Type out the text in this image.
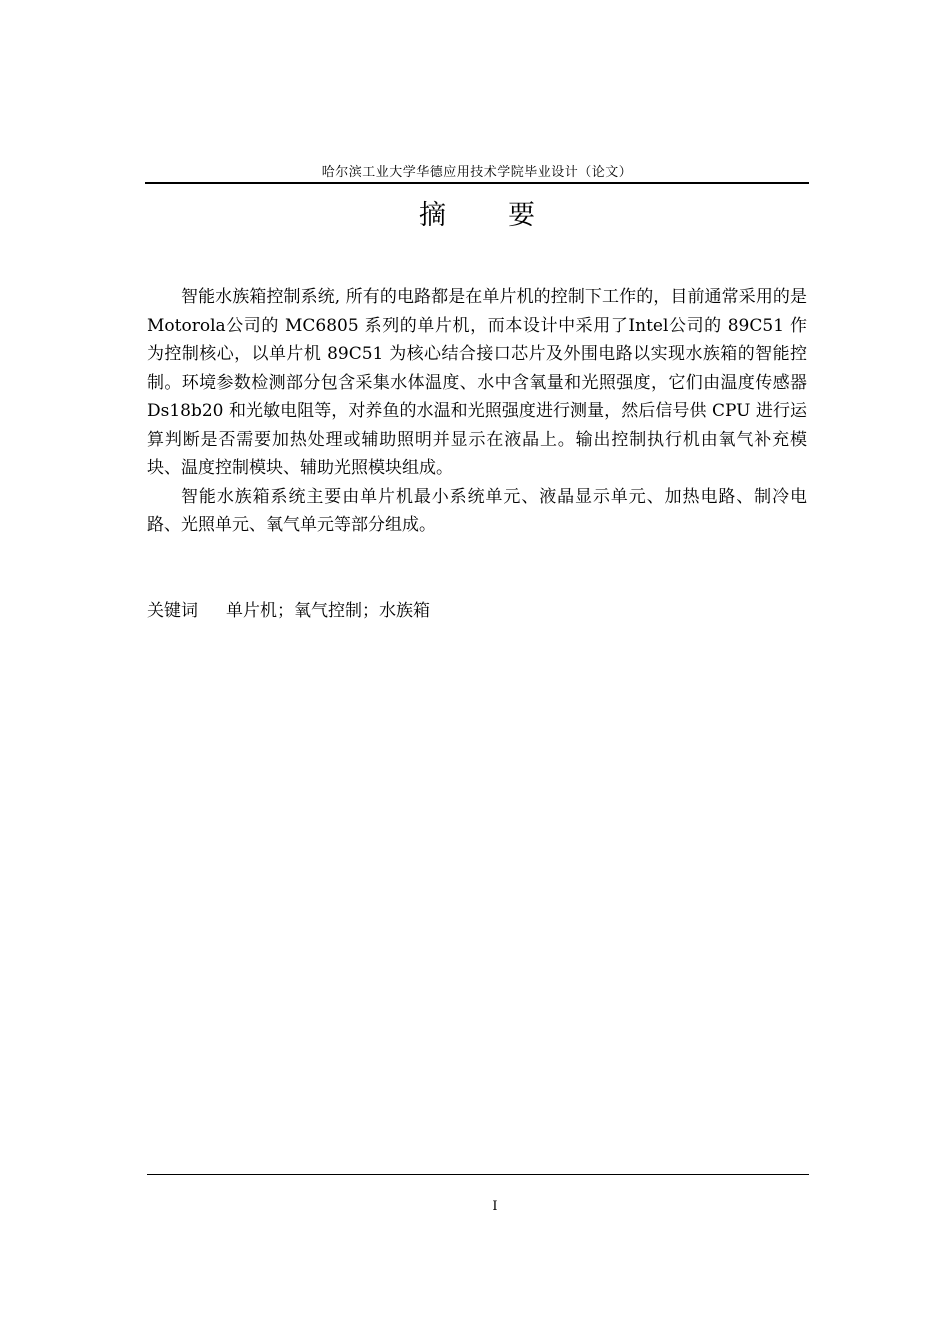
哈尔滨工业大学华德应用技术学院毕业设计（论文）
摘 要

智能水族箱控制系统, 所有的电路都是在单片机的控制下工作的，目前通常采用的是 Motorola公司的 MC6805 系列的单片机，而本设计中采用了Intel公司的 89C51 作为控制核心，以单片机 89C51 为核心结合接口芯片及外围电路以实现水族箱的智能控制。环境参数检测部分包含采集水体温度、水中含氧量和光照强度，它们由温度传感器 Ds18b20 和光敏电阻等，对养鱼的水温和光照强度进行测量，然后信号供 CPU 进行运算判断是否需要加热处理或辅助照明并显示在液晶上。输出控制执行机由氧气补充模块、温度控制模块、辅助光照模块组成。

智能水族箱系统主要由单片机最小系统单元、液晶显示单元、加热电路、制冷电路、光照单元、氧气单元等部分组成。

关键词 单片机；氧气控制；水族箱
I
